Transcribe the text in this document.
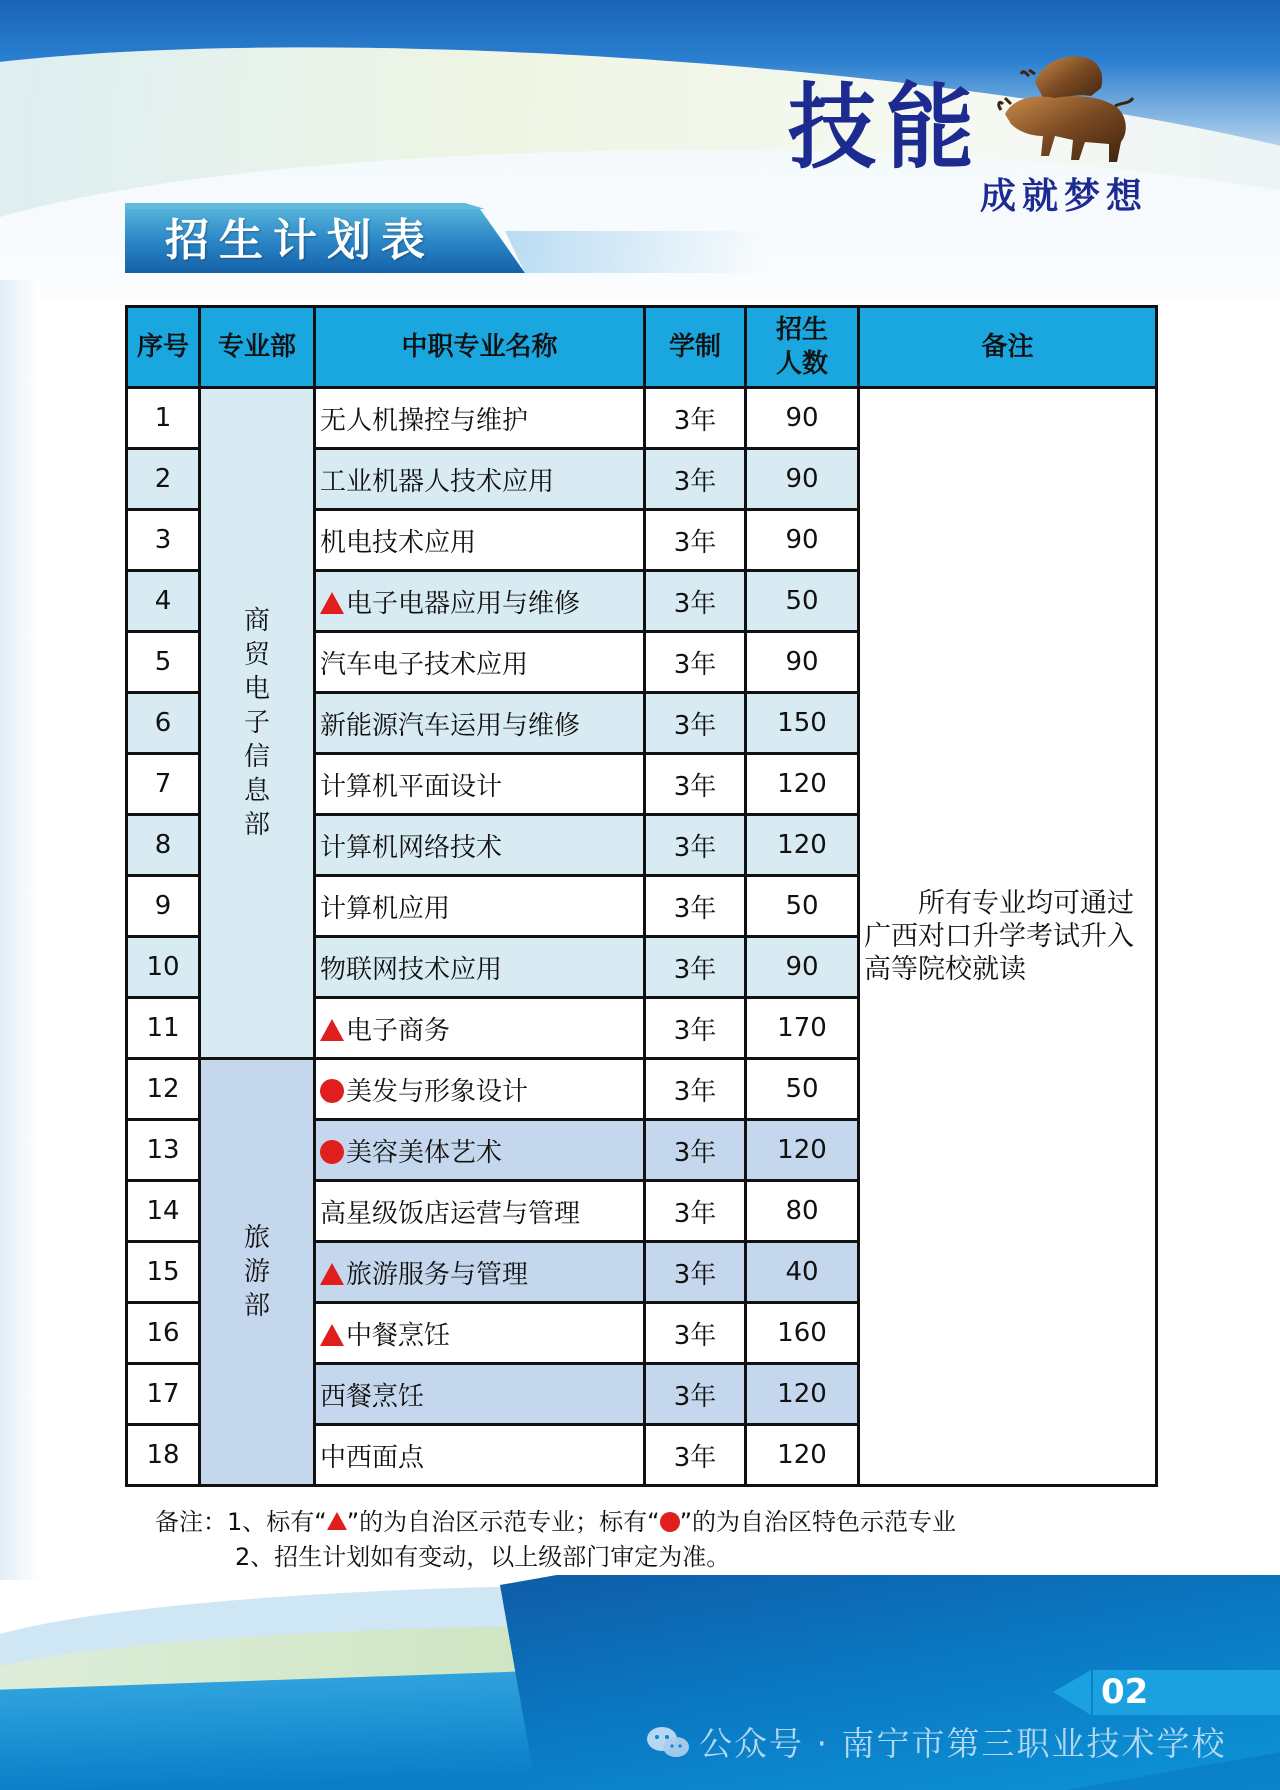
技能
成就梦想
招生计划表
序号	专业部	中职专业名称	学制	招生人数	备注
1	商贸电子信息部	无人机操控与维护	3年	90	所有专业均可通过广西对口升学考试升入高等院校就读

2		工业机器人技术应用	3年	90	
3		机电技术应用	3年	90	
4		电子电器应用与维修	3年	50	
5		汽车电子技术应用	3年	90	
6		新能源汽车运用与维修	3年	150	
7		计算机平面设计	3年	120	
8		计算机网络技术	3年	120	
9		计算机应用	3年	50	
10		物联网技术应用	3年	90	
11		电子商务	3年	170	
12	旅游部	美发与形象设计	3年	50	
13		美容美体艺术	3年	120	
14		高星级饭店运营与管理	3年	80	
15		旅游服务与管理	3年	40	
16		中餐烹饪	3年	160	
17		西餐烹饪	3年	120	
18		中西面点	3年	120	
备注：1、标有“ ”的为自治区示范专业；标有“ ”的为自治区特色示范专业
2、招生计划如有变动，以上级部门审定为准。
02
公众号 · 南宁市第三职业技术学校
